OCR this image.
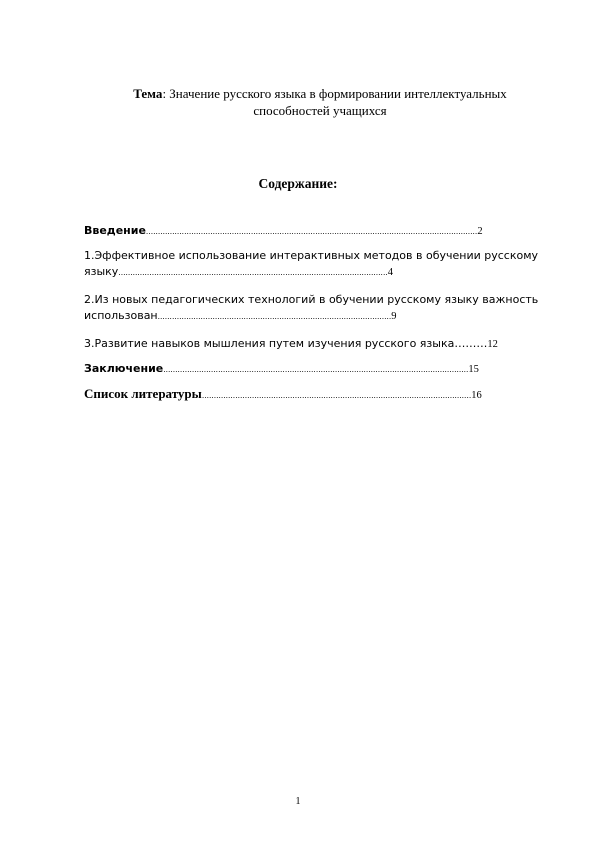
Тема: Значение русского языка в формировании интеллектуальных
способностей учащихся
Содержание:
Введение...........................................................................................................................................2
1.Эффективное использование интерактивных методов в обучении русскому
языку.................................................................................................................4
2.Из новых педагогических технологий в обучении русскому языку важность
использован..................................................................................................9
3.Развитие навыков мышления путем изучения русского языка………12
Заключение................................................................................................................................15
Список литературы.................................................................................................................16
1
